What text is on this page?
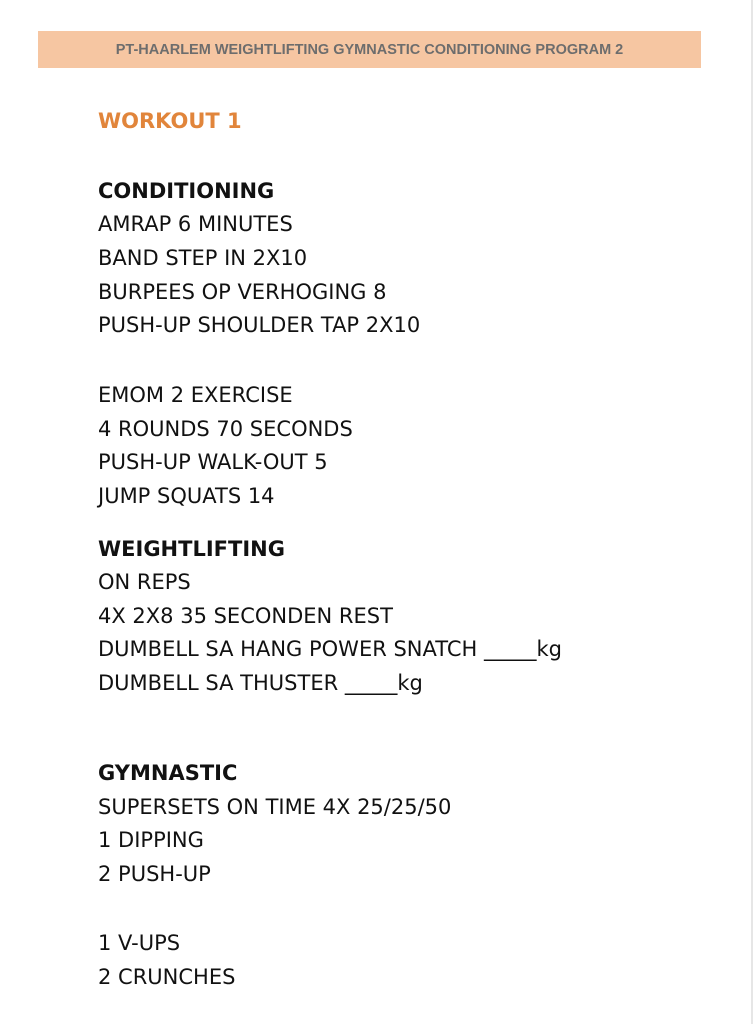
PT-HAARLEM WEIGHTLIFTING GYMNASTIC CONDITIONING PROGRAM 2
WORKOUT 1
CONDITIONING
AMRAP 6 MINUTES
BAND STEP IN 2X10
BURPEES OP VERHOGING 8
PUSH-UP SHOULDER TAP 2X10
EMOM 2 EXERCISE
4 ROUNDS 70 SECONDS
PUSH-UP WALK-OUT 5
JUMP SQUATS 14
WEIGHTLIFTING
ON REPS
4X 2X8 35 SECONDEN REST
DUMBELL SA HANG POWER SNATCH _____kg
DUMBELL SA THUSTER _____kg
GYMNASTIC
SUPERSETS ON TIME 4X 25/25/50
1 DIPPING
2 PUSH-UP
1 V-UPS
2 CRUNCHES
